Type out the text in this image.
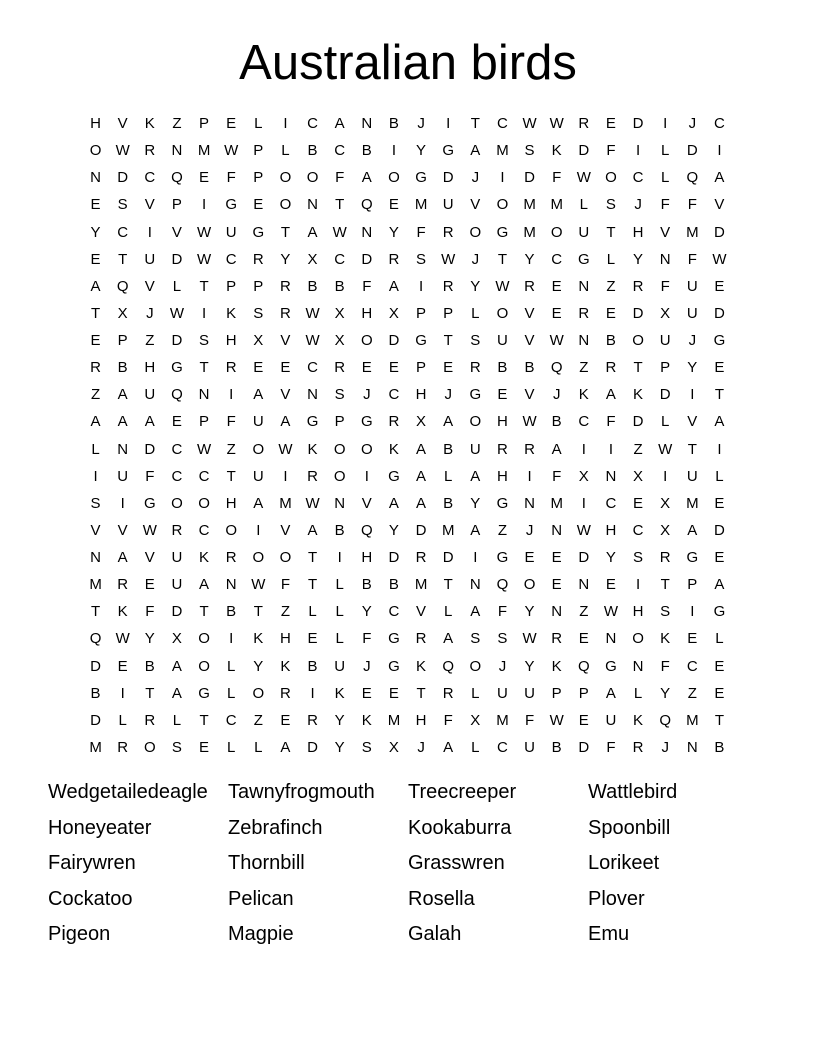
Australian birds
H	V	K	Z	P	E	L	I	C	A	N	B	J	I	T	C W W R	E	D	I	J	C
O W R	N	M W	P	L	B	C	B	I	Y	G	A	M	S	K	D	F	I	L	D	I
N	D	C	Q	E	F	P	O	O	F	A	O	G	D	J	I	D	F	W O	C	L	Q	A
E	S	V	P	I	G	E	O	N	T	Q	E	M	U	V	O	M M	L	S	J	F	F	V
Y	C	I	V	W U	G	T	A	W N	Y	F	R	O	G	M	O	U	T	H	V	M	D
E	T	U	D W C	R	Y	X	C	D	R	S	W	J	T	Y	C	G	L	Y	N	F	W
A	Q	V	L	T	P	P	R	B	B	F	A	I	R	Y	W R	E	N	Z	R	F	U	E
T	X	J	W	I	K	S	R W	X	H	X	P	P	L	O	V	E	R	E	D	X	U	D
E	P	Z	D	S	H	X	V	W	X	O	D	G	T	S	U	V	W N	B	O	U	J	G
R	B	H	G	T	R	E	E	C	R	E	E	P	E	R	B	B	Q	Z	R	T	P	Y	E
Z	A	U	Q	N	I	A	V	N	S	J	C	H	J	G	E	V	J	K	A	K	D	I	T
A	A	A	E	P	F	U	A	G	P	G	R	X	A	O	H W	B	C	F	D	L	V	A
L	N	D	C W	Z	O W	K	O	O	K	A	B	U	R	R	A	I	I	Z	W	T	I
I	U	F	C	C	T	U	I	R	O	I	G	A	L	A	H	I	F	X	N	X	I	U	L
S	I	G	O	O	H	A	M W N	V	A	A	B	Y	G	N	M	I	C	E	X	M	E
V	V	W R	C	O	I	V	A	B	Q	Y	D	M	A	Z	J	N W H	C	X	A	D
N	A	V	U	K	R	O	O	T	I	H	D	R	D	I	G	E	E	D	Y	S	R	G	E
M	R	E	U	A	N W	F	T	L	B	B	M	T	N	Q	O	E	N	E	I	T	P	A
T	K	F	D	T	B	T	Z	L	L	Y	C	V	L	A	F	Y	N	Z	W H	S	I	G
Q W	Y	X	O	I	K	H	E	L	F	G	R	A	S	S	W R	E	N	O	K	E	L
D	E	B	A	O	L	Y	K	B	U	J	G	K	Q	O	J	Y	K	Q	G	N	F	C	E
B	I	T	A	G	L	O	R	I	K	E	E	T	R	L	U	U	P	P	A	L	Y	Z	E
D	L	R	L	T	C	Z	E	R	Y	K	M	H	F	X	M	F	W	E	U	K	Q	M	T
M	R	O	S	E	L	L	A	D	Y	S	X	J	A	L	C	U	B	D	F	R	J	N	B
Wedgetailedeagle	Tawnyfrogmouth	Treecreeper	Wattlebird
Honeyeater	Zebrafinch	Kookaburra	Spoonbill
Fairywren	Thornbill	Grasswren	Lorikeet
Cockatoo	Pelican	Rosella	Plover
Pigeon	Magpie	Galah	Emu
